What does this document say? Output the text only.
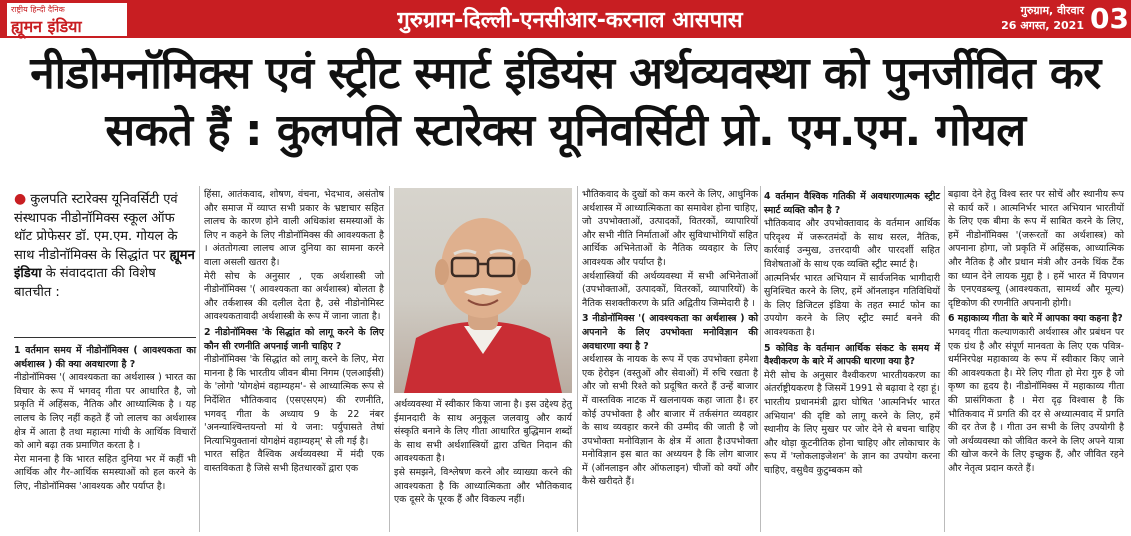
राष्ट्रीय हिन्दी दैनिक
ह्यूमन इंडिया	गुरुग्राम-दिल्ली-एनसीआर-करनाल आसपास	गुरुग्राम, वीरवार
26 अगस्त, 2021 03
नीडोमनॉमिक्स एवं स्ट्रीट स्मार्ट इंडियंस अर्थव्यवस्था को पुनर्जीवित कर सकते हैं : कुलपति स्टारेक्स यूनिवर्सिटी प्रो. एम.एम. गोयल
● कुलपति स्टारेक्स यूनिवर्सिटी एवं संस्थापक नीडोनॉमिक्स स्कूल ऑफ थॉट प्रोफेसर डॉ. एम.एम. गोयल के साथ नीडोनॉमिक्स के सिद्धांत पर ह्यूमन इंडिया के संवाददाता की विशेष बातचीत :

1 वर्तमान समय में नीडोनॉमिक्स ( आवश्यकता का अर्थशास्त्र ) की क्या अवधारणा है ?

नीडोनॉमिक्स '( आवश्यकता का अर्थशास्त्र ) भारत का विचार के रूप में भगवद् गीता पर आधारित है, जो प्रकृति में अहिंसक, नैतिक और आध्यात्मिक है । यह लालच के लिए नहीं कहते हैं जो लालच का अर्थशास्त्र क्षेत्र में आता है तथा महात्मा गांधी के आर्थिक विचारों को आगे बढ़ा तक प्रमाणित करता है ।

मेरा मानना है कि भारत सहित दुनिया भर में कहीं भी आर्थिक और गैर-आर्थिक समस्याओं को हल करने के लिए, नीडोनॉमिक्स 'आवश्यक और पर्याप्त है।

हिंसा, आतंकवाद, शोषण, वंचना, भेदभाव, असंतोष और समाज में व्याप्त सभी प्रकार के भ्रष्टाचार सहित लालच के कारण होने वाली अधिकांश समस्याओं के लिए न कहने के लिए नीडोनॉमिक्स की आवश्यकता है । अंततोगत्वा लालच आज दुनिया का सामना करने वाला असली खतरा है।

मेरी सोच के अनुसार , एक अर्थशास्त्री जो नीडोनॉमिक्स '( आवश्यकता का अर्थशास्त्र) बोलता है और तर्कशास्त्र की दलील देता है, उसे नीडोनोमिस्ट आवश्यकतावादी अर्थशास्त्री के रूप में जाना जाता है।

2 नीडोनॉमिक्स 'के सिद्धांत को लागू करने के लिए कौन सी रणनीति अपनाई जानी चाहिए ?

नीडोनॉमिक्स 'के सिद्धांत को लागू करने के लिए, मेरा मानना है कि भारतीय जीवन बीमा निगम (एलआईसी) के 'लोगो 'योगक्षेमं वहाम्यहम'- से आध्यात्मिक रूप से निर्देशित भौतिकवाद (एसएसएम) की रणनीति, भगवद् गीता के अध्याय 9 के 22 नंबर 'अनन्याश्चिन्तयन्तो मां ये जना: पर्युपासते तेषां नित्याभियुक्तानां योगक्षेमं वहाम्यहम्' से ली गई है।

भारत सहित वैश्विक अर्थव्यवस्था में मंदी एक वास्तविकता है जिसे सभी हितधारकों द्वारा एक

अर्थव्यवस्था में स्वीकार किया जाना है। इस उद्देश्य हेतु ईमानदारी के साथ अनुकूल जलवायु और कार्य संस्कृति बनाने के लिए गीता आधारित बुद्धिमान शब्दों के साथ सभी अर्थशास्त्रियों द्वारा उचित निदान की आवश्यकता है।

इसे समझने, विश्लेषण करने और व्याख्या करने की आवश्यकता है कि आध्यात्मिकता और भौतिकवाद एक दूसरे के पूरक हैं और विकल्प नहीं।

भौतिकवाद के दुखों को कम करने के लिए, आधुनिक अर्थशास्त्र में आध्यात्मिकता का समावेश होना चाहिए, जो उपभोक्ताओं, उत्पादकों, वितरकों, व्यापारियों और सभी नीति निर्माताओं और सुविधाभोगियों सहित आर्थिक अभिनेताओं के नैतिक व्यवहार के लिए आवश्यक और पर्याप्त है।

अर्थशास्त्रियों की अर्थव्यवस्था में सभी अभिनेताओं (उपभोक्ताओं, उत्पादकों, वितरकों, व्यापारियों) के नैतिक सशक्तीकरण के प्रति अद्वितीय जिम्मेदारी है ।

3 नीडोनॉमिक्स '( आवश्यकता का अर्थशास्त्र ) को अपनाने के लिए उपभोक्ता मनोविज्ञान की अवधारणा क्या है ?

अर्थशास्त्र के नायक के रूप में एक उपभोक्ता हमेशा एक हेरोइन (वस्तुओं और सेवाओं) में रुचि रखता है और जो सभी रिश्ते को प्रदूषित करते हैं उन्हें बाजार में वास्तविक नाटक में खलनायक कहा जाता है। हर कोई उपभोक्ता है और बाजार में तर्कसंगत व्यवहार के साथ व्यवहार करने की उम्मीद की जाती है जो उपभोक्ता मनोविज्ञान के क्षेत्र में आता है।उपभोक्ता मनोविज्ञान इस बात का अध्ययन है कि लोग बाजार में (ऑनलाइन और ऑफलाइन) चीजों को क्यों और कैसे खरीदते हैं।

4 वर्तमान वैश्विक गतिकी में अवधारणात्मक स्ट्रीट स्मार्ट व्यक्ति कौन है ?

भौतिकवाद और उपभोक्तावाद के वर्तमान आर्थिक परिदृश्य में जरूरतमंदों के साथ सरल, नैतिक, कार्रवाई उन्मुख, उत्तरदायी और पारदर्शी सहित विशेषताओं के साथ एक व्यक्ति स्ट्रीट स्मार्ट है।

आत्मनिर्भर भारत अभियान में सार्वजनिक भागीदारी सुनिश्चित करने के लिए, हमें ऑनलाइन गतिविधियों के लिए डिजिटल इंडिया के तहत स्मार्ट फोन का उपयोग करने के लिए स्ट्रीट स्मार्ट बनने की आवश्यकता है।

5 कोविड के वर्तमान आर्थिक संकट के समय में वैश्वीकरण के बारे में आपकी धारणा क्या है?

मेरी सोच के अनुसार वैश्वीकरण भारतीयकरण का अंतर्राष्ट्रीयकरण है जिसमें 1991 से बढ़ावा दे रहा हूं।

भारतीय प्रधानमंत्री द्वारा घोषित 'आत्मनिर्भर भारत अभियान' की दृष्टि को लागू करने के लिए, हमें स्थानीय के लिए मुखर पर जोर देने से बचना चाहिए और थोड़ा कूटनीतिक होना चाहिए और लोकाचार के रूप में 'ग्लोकलाइजेशन' के ज्ञान का उपयोग करना चाहिए, वसुधैव कुटुम्बकम को

बढ़ावा देने हेतु विश्व स्तर पर सोचें और स्थानीय रूप से कार्य करें । आत्मनिर्भर भारत अभियान भारतीयों के लिए एक बीमा के रूप में साबित करने के लिए, हमें नीडोनॉमिक्स '(जरूरतों का अर्थशास्त्र) को अपनाना होगा, जो प्रकृति में अहिंसक, आध्यात्मिक और नैतिक है और प्रधान मंत्री और उनके थिंक टैंक का ध्यान देने लायक मुद्दा है । हमें भारत में विपणन के एनएवडब्ल्यू (आवश्यकता, सामर्थ्य और मूल्य) दृष्टिकोण की रणनीति अपनानी होगी।

6 महाकाव्य गीता के बारे में आपका क्या कहना है?

भगवद् गीता कल्याणकारी अर्थशास्त्र और प्रबंधन पर एक ग्रंथ है और संपूर्ण मानवता के लिए एक पवित्र-धर्मनिरपेक्ष महाकाव्य के रूप में स्वीकार किए जाने की आवश्यकता है। मेरे लिए गीता हो मेरा गुरु है जो कृष्ण का हृदय है। नीडोनॉमिक्स में महाकाव्य गीता की प्रासंगिकता है । मेरा दृढ़ विश्वास है कि भौतिकवाद में प्रगति की दर से अध्यात्मवाद में प्रगति की दर तेज है । गीता उन सभी के लिए उपयोगी है जो अर्थव्यवस्था को जीवित करने के लिए अपने यात्रा की खोज करने के लिए इच्छुक हैं, और जीवित रहने और नेतृत्व प्रदान करते हैं।
